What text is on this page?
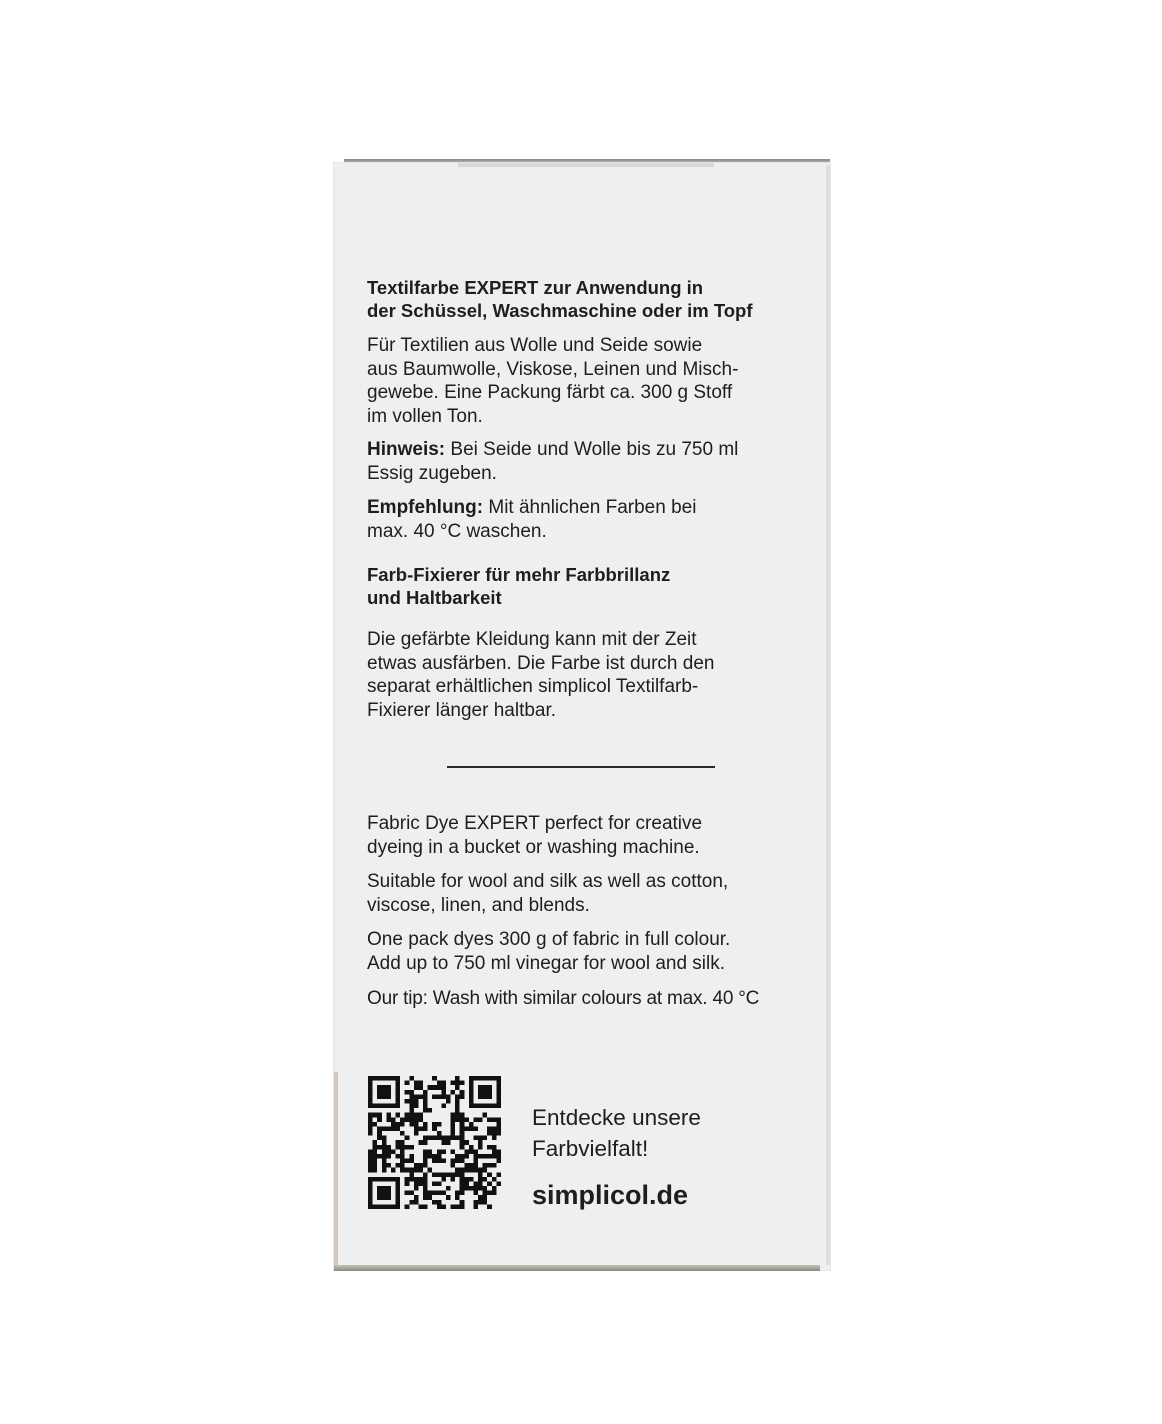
Textilfarbe EXPERT zur Anwendung in
der Schüssel, Waschmaschine oder im Topf
Für Textilien aus Wolle und Seide sowie
aus Baumwolle, Viskose, Leinen und Misch-
gewebe. Eine Packung färbt ca. 300 g Stoff
im vollen Ton.
Hinweis: Bei Seide und Wolle bis zu 750 ml
Essig zugeben.
Empfehlung: Mit ähnlichen Farben bei
max. 40 °C waschen.
Farb-Fixierer für mehr Farbbrillanz
und Haltbarkeit
Die gefärbte Kleidung kann mit der Zeit
etwas ausfärben. Die Farbe ist durch den
separat erhältlichen simplicol Textilfarb-
Fixierer länger haltbar.
Fabric Dye EXPERT perfect for creative
dyeing in a bucket or washing machine.
Suitable for wool and silk as well as cotton,
viscose, linen, and blends.
One pack dyes 300 g of fabric in full colour.
Add up to 750 ml vinegar for wool and silk.
Our tip: Wash with similar colours at max. 40 °C
Entdecke unsere
Farbvielfalt!
simplicol.de
